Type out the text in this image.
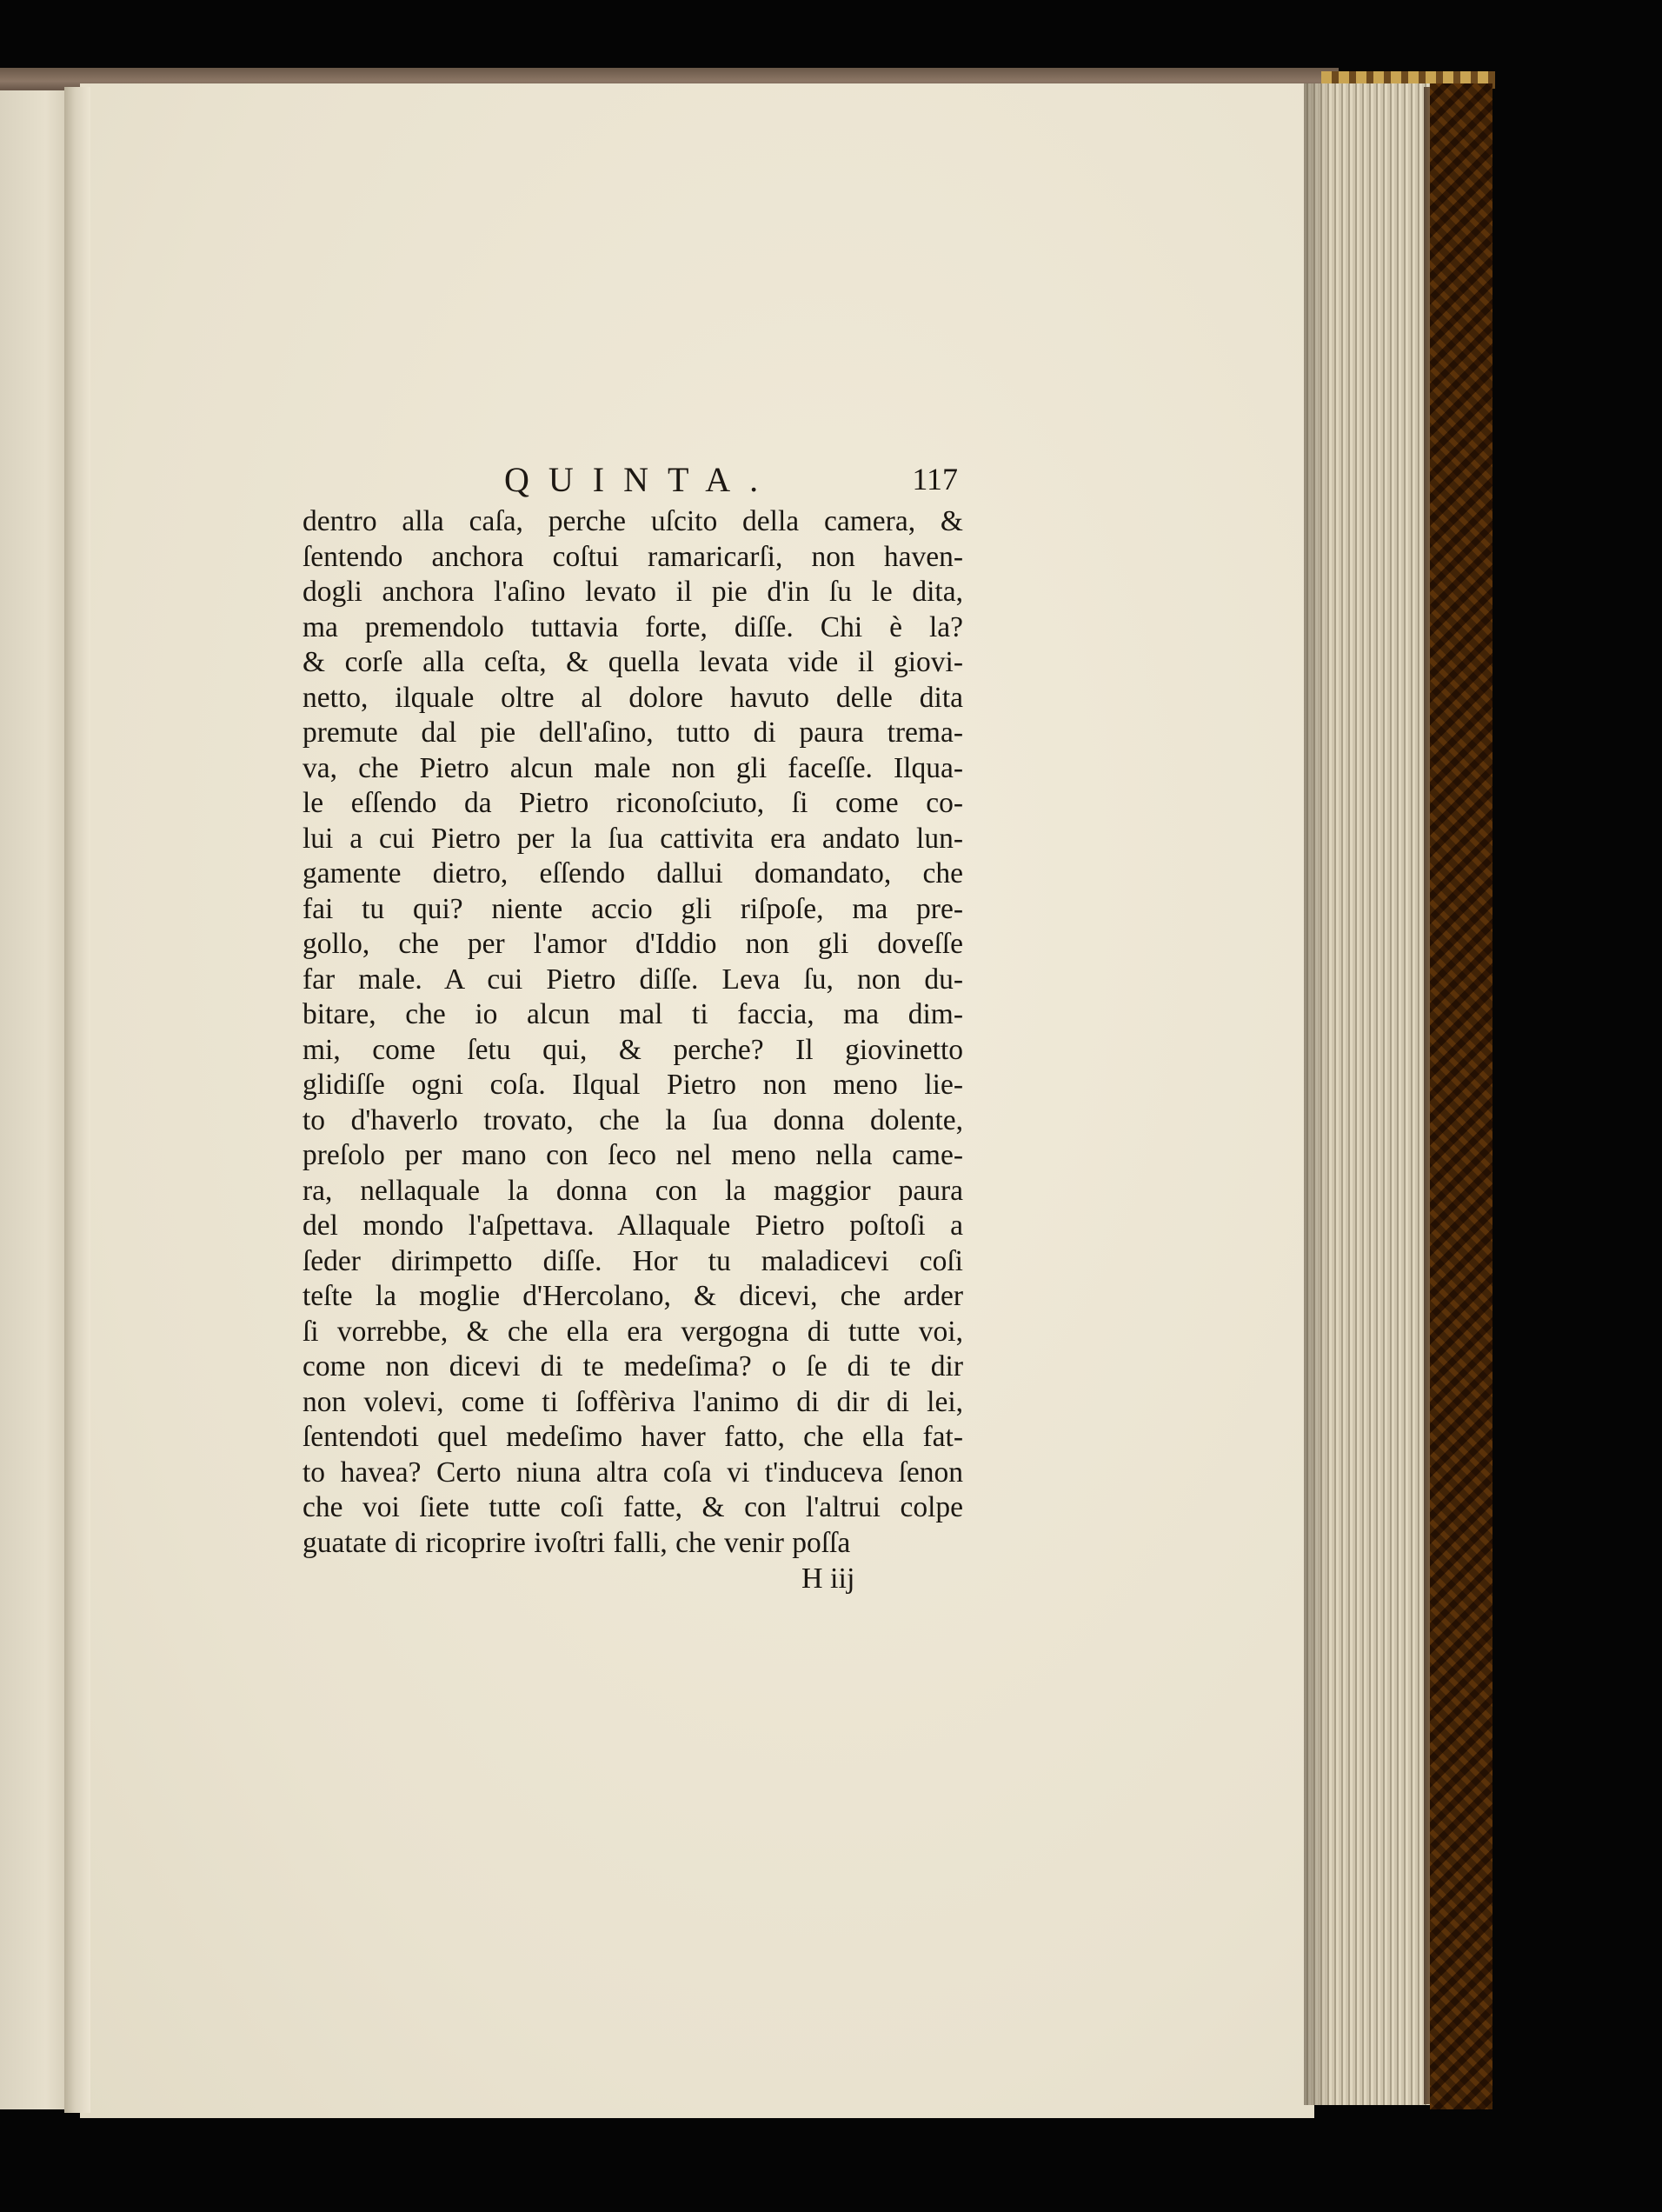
QUINTA.	117
dentro alla caſa, perche uſcito della camera, &
ſentendo anchora coſtui ramaricarſi, non haven-
dogli anchora l'aſino levato il pie d'in ſu le dita,
ma premendolo tuttavia forte, diſſe. Chi è la?
& corſe alla ceſta, & quella levata vide il giovi-
netto, ilquale oltre al dolore havuto delle dita
premute dal pie dell'aſino, tutto di paura trema-
va, che Pietro alcun male non gli faceſſe. Ilqua-
le eſſendo da Pietro riconoſciuto, ſi come co-
lui a cui Pietro per la ſua cattivita era andato lun-
gamente dietro, eſſendo dallui domandato, che
fai tu qui? niente accio gli riſpoſe, ma pre-
gollo, che per l'amor d'Iddio non gli doveſſe
far male. A cui Pietro diſſe. Leva ſu, non du-
bitare, che io alcun mal ti faccia, ma dim-
mi, come ſetu qui, & perche? Il giovinetto
glidiſſe ogni coſa. Ilqual Pietro non meno lie-
to d'haverlo trovato, che la ſua donna dolente,
preſolo per mano con ſeco nel meno nella came-
ra, nellaquale la donna con la maggior paura
del mondo l'aſpettava. Allaquale Pietro poſtoſi a
ſeder dirimpetto diſſe. Hor tu maladicevi coſi
teſte la moglie d'Hercolano, & dicevi, che arder
ſi vorrebbe, & che ella era vergogna di tutte voi,
come non dicevi di te medeſima? o ſe di te dir
non volevi, come ti ſoffèriva l'animo di dir di lei,
ſentendoti quel medeſimo haver fatto, che ella fat-
to havea? Certo niuna altra coſa vi t'induceva ſenon
che voi ſiete tutte coſi fatte, & con l'altrui colpe
guatate di ricoprire ivoſtri falli, che venir poſſa
H iij
